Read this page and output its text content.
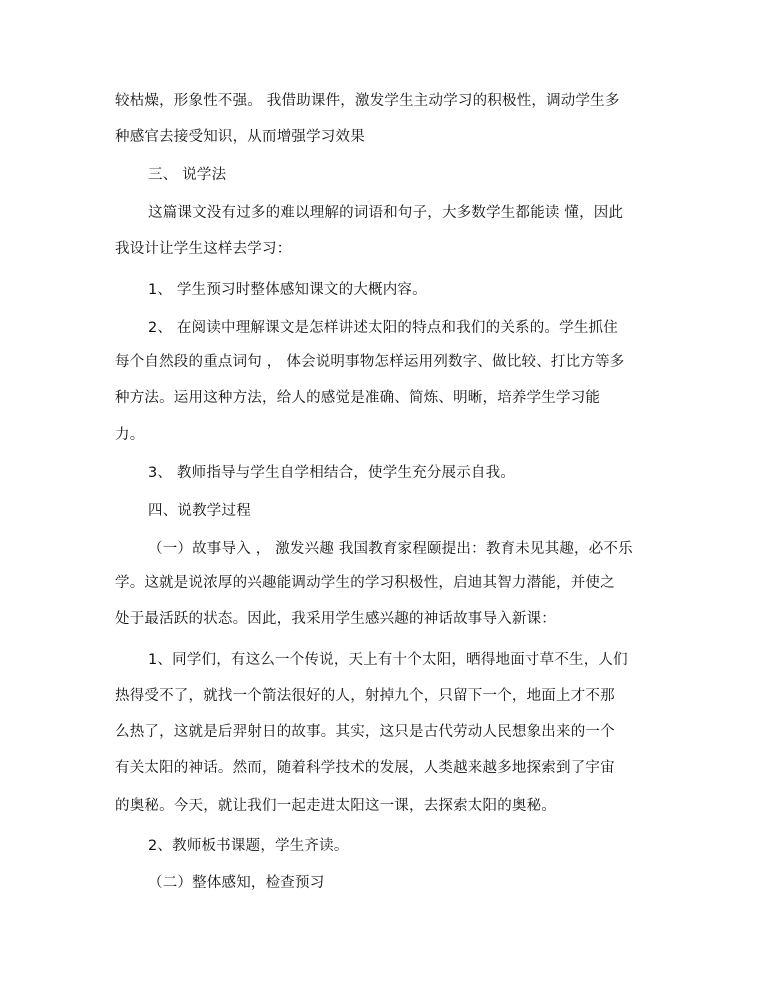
较枯燥，形象性不强。 我借助课件，激发学生主动学习的积极性，调动学生多
种感官去接受知识，从而增强学习效果
三、 说学法
这篇课文没有过多的难以理解的词语和句子，大多数学生都能读 懂，因此
我设计让学生这样去学习：
1、 学生预习时整体感知课文的大概内容。
2、 在阅读中理解课文是怎样讲述太阳的特点和我们的关系的。学生抓住
每个自然段的重点词句 ， 体会说明事物怎样运用列数字、做比较、打比方等多
种方法。运用这种方法，给人的感觉是准确、简炼、明晰，培养学生学习能
力。
3、 教师指导与学生自学相结合，使学生充分展示自我。
四、说教学过程
（一）故事导入 ， 激发兴趣 我国教育家程颐提出：教育未见其趣，必不乐
学。这就是说浓厚的兴趣能调动学生的学习积极性，启迪其智力潜能，并使之
处于最活跃的状态。因此，我采用学生感兴趣的神话故事导入新课：
1、同学们，有这么一个传说，天上有十个太阳，晒得地面寸草不生，人们
热得受不了，就找一个箭法很好的人，射掉九个，只留下一个，地面上才不那
么热了，这就是后羿射日的故事。其实，这只是古代劳动人民想象出来的一个
有关太阳的神话。然而，随着科学技术的发展，人类越来越多地探索到了宇宙
的奥秘。今天，就让我们一起走进太阳这一课，去探索太阳的奥秘。
2、教师板书课题，学生齐读。
（二）整体感知，检查预习
